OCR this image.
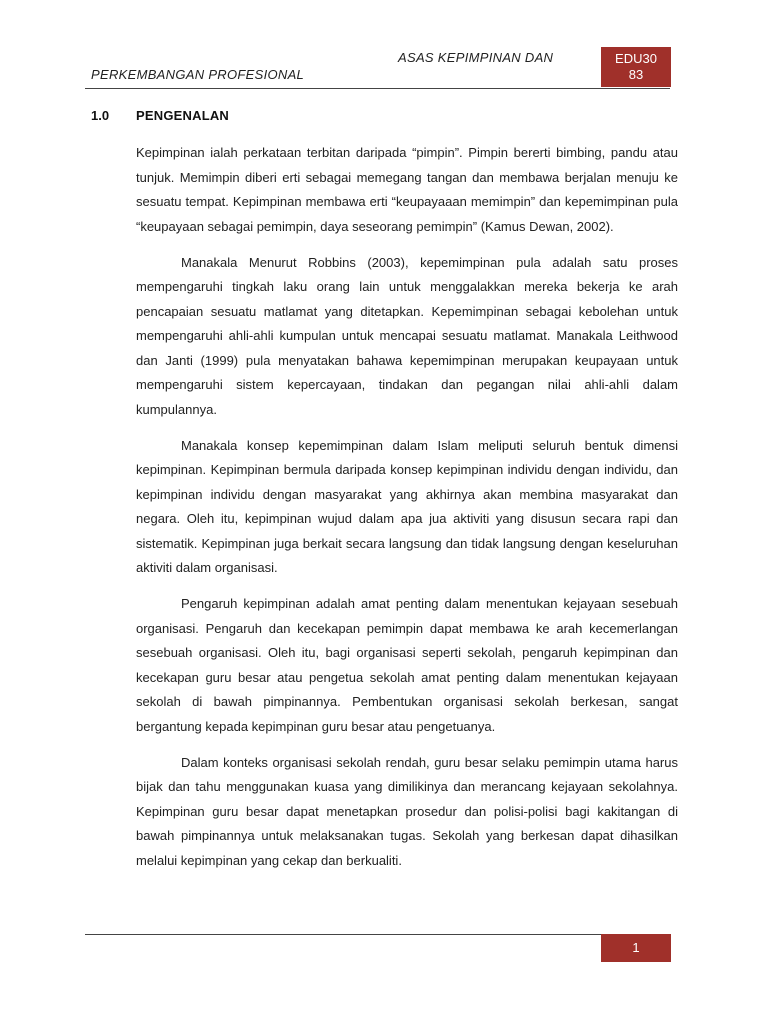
ASAS KEPIMPINAN DAN
PERKEMBANGAN PROFESIONAL
EDU30
83
1.0 PENGENALAN

Kepimpinan ialah perkataan terbitan daripada “pimpin”. Pimpin bererti bimbing, pandu atau tunjuk. Memimpin diberi erti sebagai memegang tangan dan membawa berjalan menuju ke sesuatu tempat. Kepimpinan membawa erti “keupayaaan memimpin” dan kepemimpinan pula “keupayaan sebagai pemimpin, daya seseorang pemimpin” (Kamus Dewan, 2002).

Manakala Menurut Robbins (2003), kepemimpinan pula adalah satu proses mempengaruhi tingkah laku orang lain untuk menggalakkan mereka bekerja ke arah pencapaian sesuatu matlamat yang ditetapkan. Kepemimpinan sebagai kebolehan untuk mempengaruhi ahli-ahli kumpulan untuk mencapai sesuatu matlamat. Manakala Leithwood dan Janti (1999) pula menyatakan bahawa kepemimpinan merupakan keupayaan untuk mempengaruhi sistem kepercayaan, tindakan dan pegangan nilai ahli-ahli dalam kumpulannya.

Manakala konsep kepemimpinan dalam Islam meliputi seluruh bentuk dimensi kepimpinan. Kepimpinan bermula daripada konsep kepimpinan individu dengan individu, dan kepimpinan individu dengan masyarakat yang akhirnya akan membina masyarakat dan negara. Oleh itu, kepimpinan wujud dalam apa jua aktiviti yang disusun secara rapi dan sistematik. Kepimpinan juga berkait secara langsung dan tidak langsung dengan keseluruhan aktiviti dalam organisasi.

Pengaruh kepimpinan adalah amat penting dalam menentukan kejayaan sesebuah organisasi. Pengaruh dan kecekapan pemimpin dapat membawa ke arah kecemerlangan sesebuah organisasi. Oleh itu, bagi organisasi seperti sekolah, pengaruh kepimpinan dan kecekapan guru besar atau pengetua sekolah amat penting dalam menentukan kejayaan sekolah di bawah pimpinannya. Pembentukan organisasi sekolah berkesan, sangat bergantung kepada kepimpinan guru besar atau pengetuanya.

Dalam konteks organisasi sekolah rendah, guru besar selaku pemimpin utama harus bijak dan tahu menggunakan kuasa yang dimilikinya dan merancang kejayaan sekolahnya. Kepimpinan guru besar dapat menetapkan prosedur dan polisi-polisi bagi kakitangan di bawah pimpinannya untuk melaksanakan tugas. Sekolah yang berkesan dapat dihasilkan melalui kepimpinan yang cekap dan berkualiti.

1
